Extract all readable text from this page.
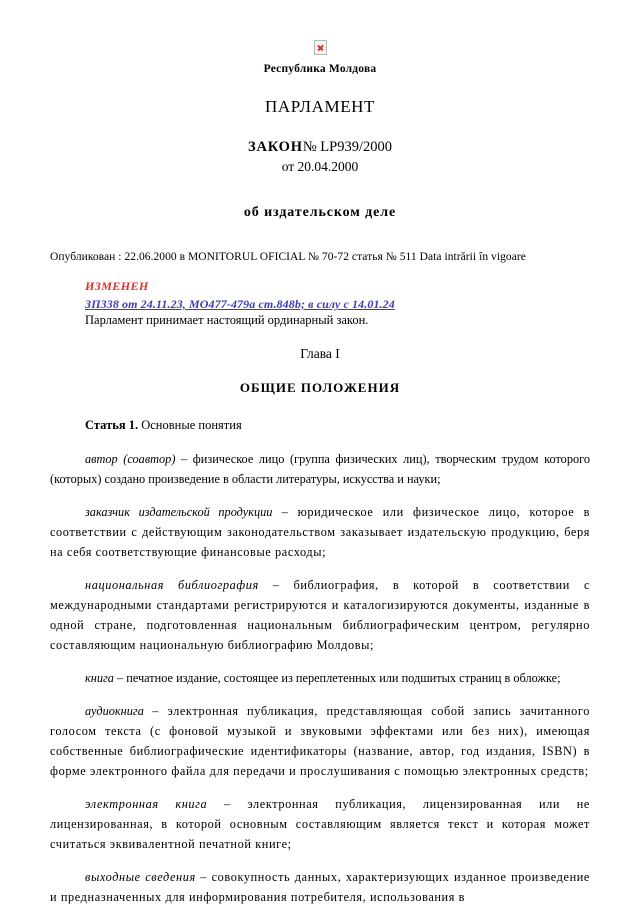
Республика Молдова
ПАРЛАМЕНТ
ЗАКОН№ LP939/2000
от 20.04.2000
об издательском деле
Опубликован : 22.06.2000 в MONITORUL OFICIAL № 70-72 статья № 511 Data intrării în vigoare
ИЗМЕНЕН
ЗП338 от 24.11.23, МО477-479а ст.848b; в силу с 14.01.24
Парламент принимает настоящий ординарный закон.
Глава I
ОБЩИЕ ПОЛОЖЕНИЯ
Статья 1. Основные понятия

автор (соавтор) – физическое лицо (группа физических лиц), творческим трудом которого (которых) создано произведение в области литературы, искусства и науки;

заказчик издательской продукции – юридическое или физическое лицо, которое в соответствии с действующим законодательством заказывает издательскую продукцию, беря на себя соответствующие финансовые расходы;

национальная библиография – библиография, в которой в соответствии с международными стандартами регистрируются и каталогизируются документы, изданные в одной стране, подготовленная национальным библиографическим центром, регулярно составляющим национальную библиографию Молдовы;

книга – печатное издание, состоящее из переплетенных или подшитых страниц в обложке;

аудиокнига – электронная публикация, представляющая собой запись зачитанного голосом текста (с фоновой музыкой и звуковыми эффектами или без них), имеющая собственные библиографические идентификаторы (название, автор, год издания, ISBN) в форме электронного файла для передачи и прослушивания с помощью электронных средств;

электронная книга – электронная публикация, лицензированная или не лицензированная, в которой основным составляющим является текст и которая может считаться эквивалентной печатной книге;

выходные сведения – совокупность данных, характеризующих изданное произведение и предназначенных для информирования потребителя, использования в
